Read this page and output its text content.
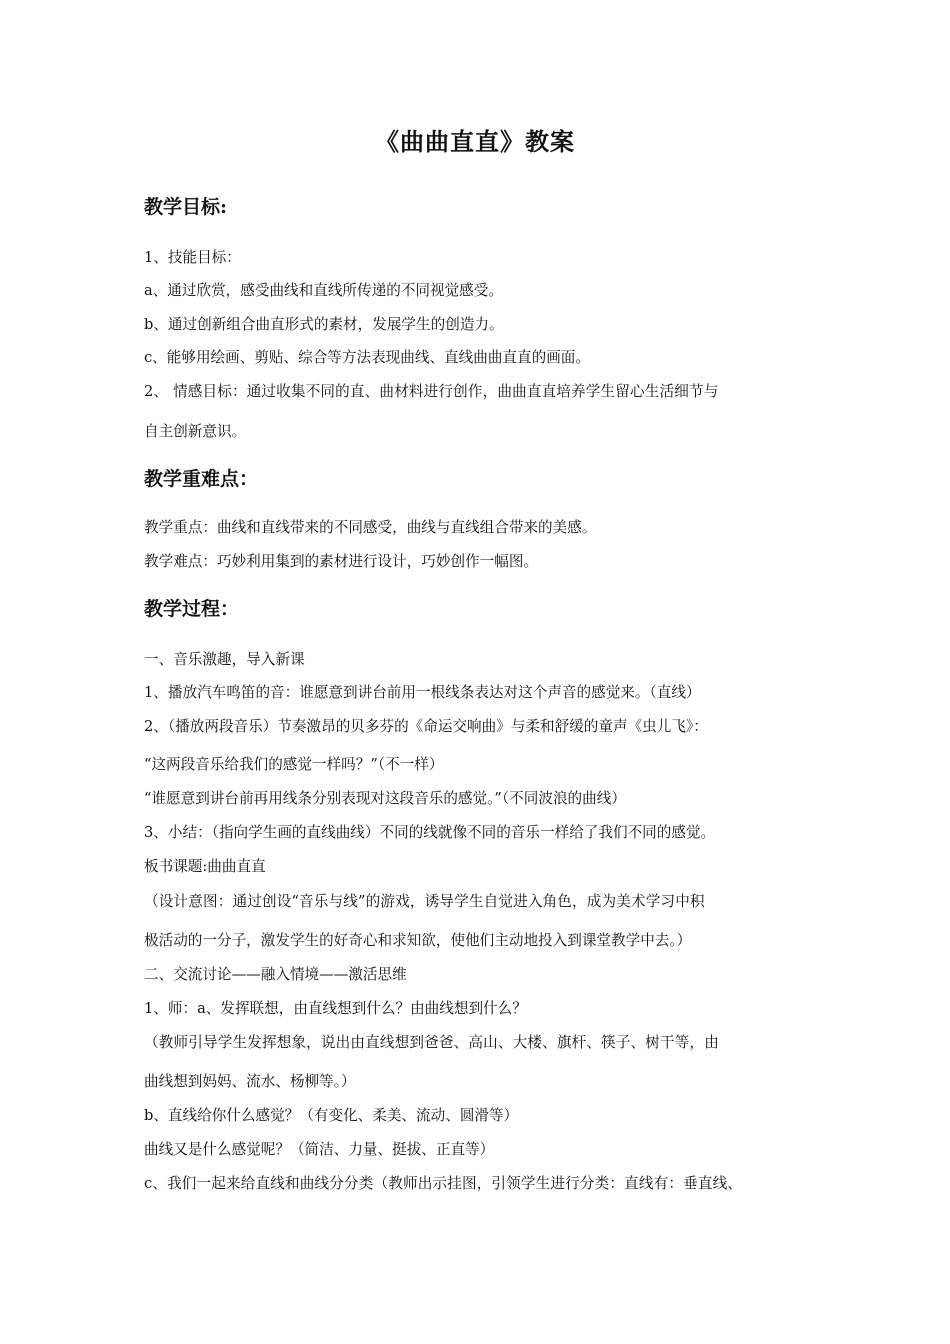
《曲曲直直》教案
教学目标:
1、技能目标：
a、通过欣赏，感受曲线和直线所传递的不同视觉感受。
b、通过创新组合曲直形式的素材，发展学生的创造力。
c、能够用绘画、剪贴、综合等方法表现曲线、直线曲曲直直的画面。
2、 情感目标：通过收集不同的直、曲材料进行创作，曲曲直直培养学生留心生活细节与
自主创新意识。
教学重难点：
教学重点：曲线和直线带来的不同感受，曲线与直线组合带来的美感。
教学难点：巧妙利用集到的素材进行设计，巧妙创作一幅图。
教学过程：
一、音乐激趣，导入新课
1、播放汽车鸣笛的音：谁愿意到讲台前用一根线条表达对这个声音的感觉来。（直线）
2、（播放两段音乐）节奏激昂的贝多芬的《命运交响曲》与柔和舒缓的童声《虫儿飞》：
“这两段音乐给我们的感觉一样吗？”（不一样）
“谁愿意到讲台前再用线条分别表现对这段音乐的感觉。”（不同波浪的曲线）
3、小结：（指向学生画的直线曲线）不同的线就像不同的音乐一样给了我们不同的感觉。
板书课题:曲曲直直
（设计意图：通过创设“音乐与线”的游戏，诱导学生自觉进入角色，成为美术学习中积
极活动的一分子，激发学生的好奇心和求知欲，使他们主动地投入到课堂教学中去。）
二、交流讨论——融入情境——激活思维
1、师：a、发挥联想，由直线想到什么？由曲线想到什么？
（教师引导学生发挥想象，说出由直线想到爸爸、高山、大楼、旗杆、筷子、树干等，由
曲线想到妈妈、流水、杨柳等。）
b、直线给你什么感觉？（有变化、柔美、流动、圆滑等）
曲线又是什么感觉呢？（简洁、力量、挺拔、正直等）
c、我们一起来给直线和曲线分分类（教师出示挂图，引领学生进行分类：直线有：垂直线、
